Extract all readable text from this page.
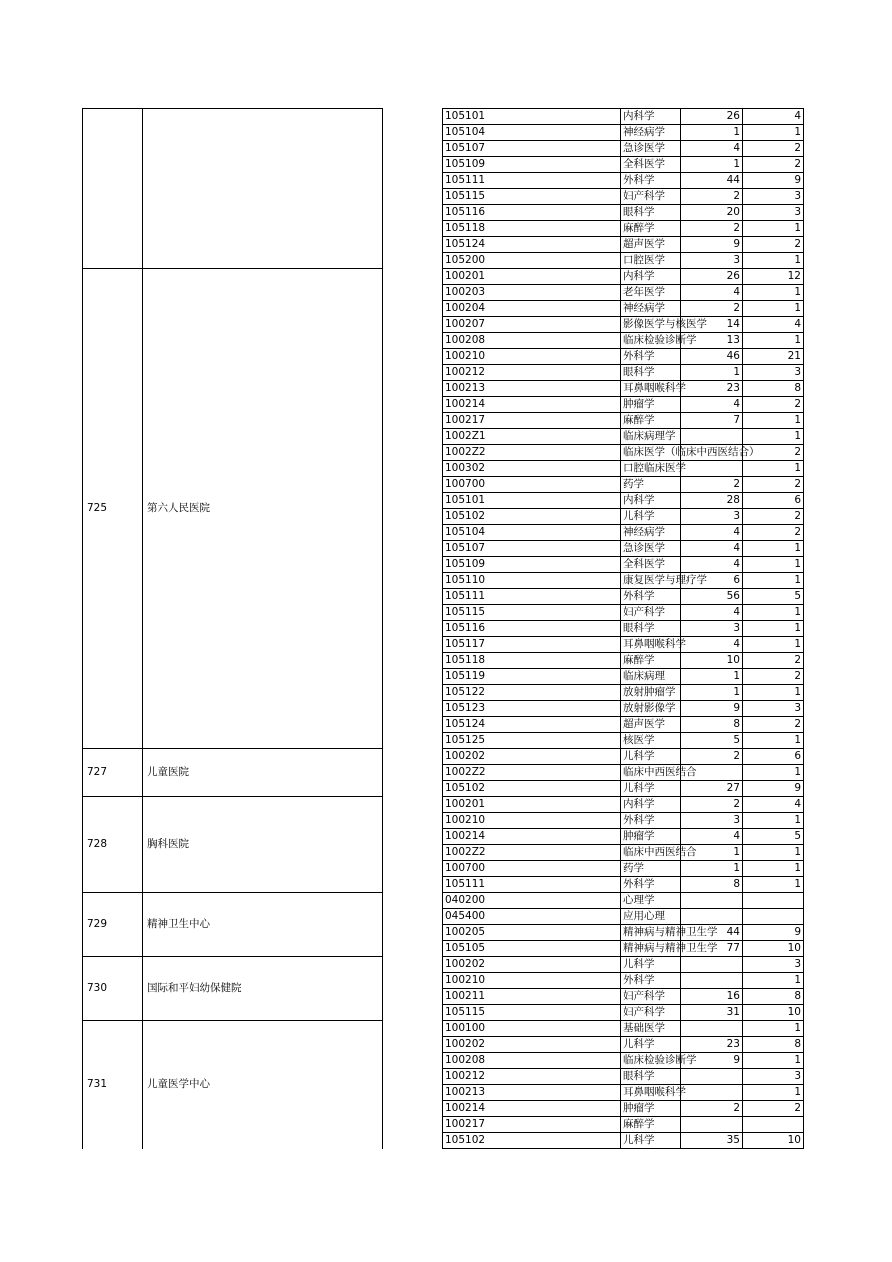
			105101	内科学	26	4	
			105104	神经病学	1	1	
			105107	急诊医学	4	2	
			105109	全科医学	1	2	
			105111	外科学	44	9	
			105115	妇产科学	2	3	
			105116	眼科学	20	3	
			105118	麻醉学	2	1	
			105124	超声医学	9	2	
			105200	口腔医学	3	1	
725	第六人民医院		100201	内科学	26	12	
			100203	老年医学	4	1	
			100204	神经病学	2	1	
			100207	影像医学与核医学	14	4	
			100208	临床检验诊断学	13	1	
			100210	外科学	46	21	
			100212	眼科学	1	3	
			100213	耳鼻咽喉科学	23	8	
			100214	肿瘤学	4	2	
			100217	麻醉学	7	1	
			1002Z1	临床病理学		1	
			1002Z2	临床医学（临床中西医结合）		2	
			100302	口腔临床医学		1	
			100700	药学	2	2	
			105101	内科学	28	6	
			105102	儿科学	3	2	
			105104	神经病学	4	2	
			105107	急诊医学	4	1	
			105109	全科医学	4	1	
			105110	康复医学与理疗学	6	1	
			105111	外科学	56	5	
			105115	妇产科学	4	1	
			105116	眼科学	3	1	
			105117	耳鼻咽喉科学	4	1	
			105118	麻醉学	10	2	
			105119	临床病理	1	2	
			105122	放射肿瘤学	1	1	
			105123	放射影像学	9	3	
			105124	超声医学	8	2	
			105125	核医学	5	1	
727	儿童医院		100202	儿科学	2	6	
			1002Z2	临床中西医结合		1	
			105102	儿科学	27	9	
728	胸科医院		100201	内科学	2	4	
			100210	外科学	3	1	
			100214	肿瘤学	4	5	
			1002Z2	临床中西医结合	1	1	
			100700	药学	1	1	
			105111	外科学	8	1	
729	精神卫生中心		040200	心理学			
			045400	应用心理			
			100205	精神病与精神卫生学	44	9	
			105105	精神病与精神卫生学	77	10	
730	国际和平妇幼保健院		100202	儿科学		3	
			100210	外科学		1	
			100211	妇产科学	16	8	
			105115	妇产科学	31	10	
731	儿童医学中心		100100	基础医学		1	
			100202	儿科学	23	8	
			100208	临床检验诊断学	9	1	
			100212	眼科学		3	
			100213	耳鼻咽喉科学		1	
			100214	肿瘤学	2	2	
			100217	麻醉学			
			105102	儿科学	35	10	
